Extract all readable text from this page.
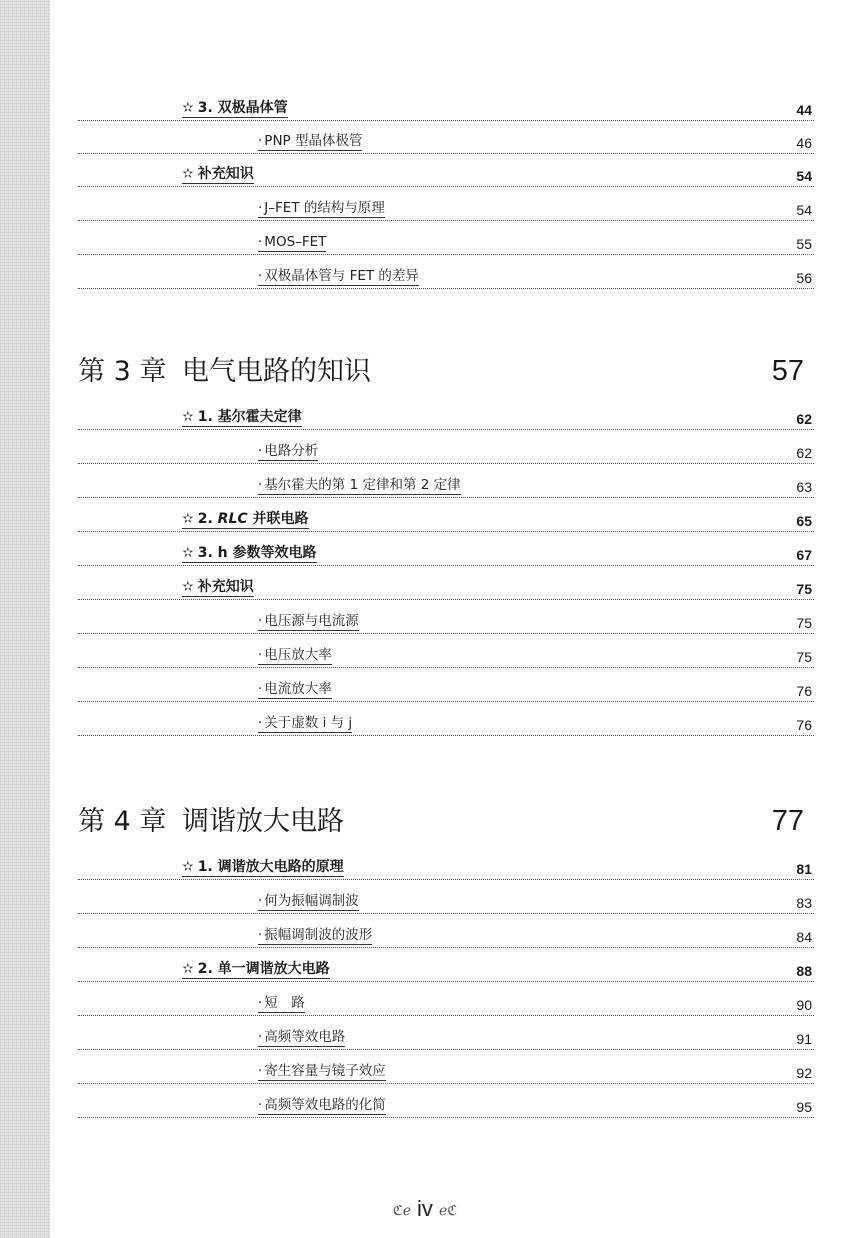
✫ 3. 双极晶体管	44
· PNP 型晶体极管	46
✫ 补充知识	54
· J–FET 的结构与原理	54
· MOS–FET	55
· 双极晶体管与 FET 的差异	56
第 3 章 电气电路的知识	57
✫ 1. 基尔霍夫定律	62
· 电路分析	62
· 基尔霍夫的第 1 定律和第 2 定律	63
✫ 2. RLC 并联电路	65
✫ 3. h 参数等效电路	67
✫ 补充知识	75
· 电压源与电流源	75
· 电压放大率	75
· 电流放大率	76
· 关于虚数 i 与 j	76
第 4 章 调谐放大电路	77
✫ 1. 调谐放大电路的原理	81
· 何为振幅调制波	83
· 振幅调制波的波形	84
✫ 2. 单一调谐放大电路	88
· 短　路	90
· 高频等效电路	91
· 寄生容量与镜子效应	92
· 高频等效电路的化简	95
ℭℯ iv ℯℭ
